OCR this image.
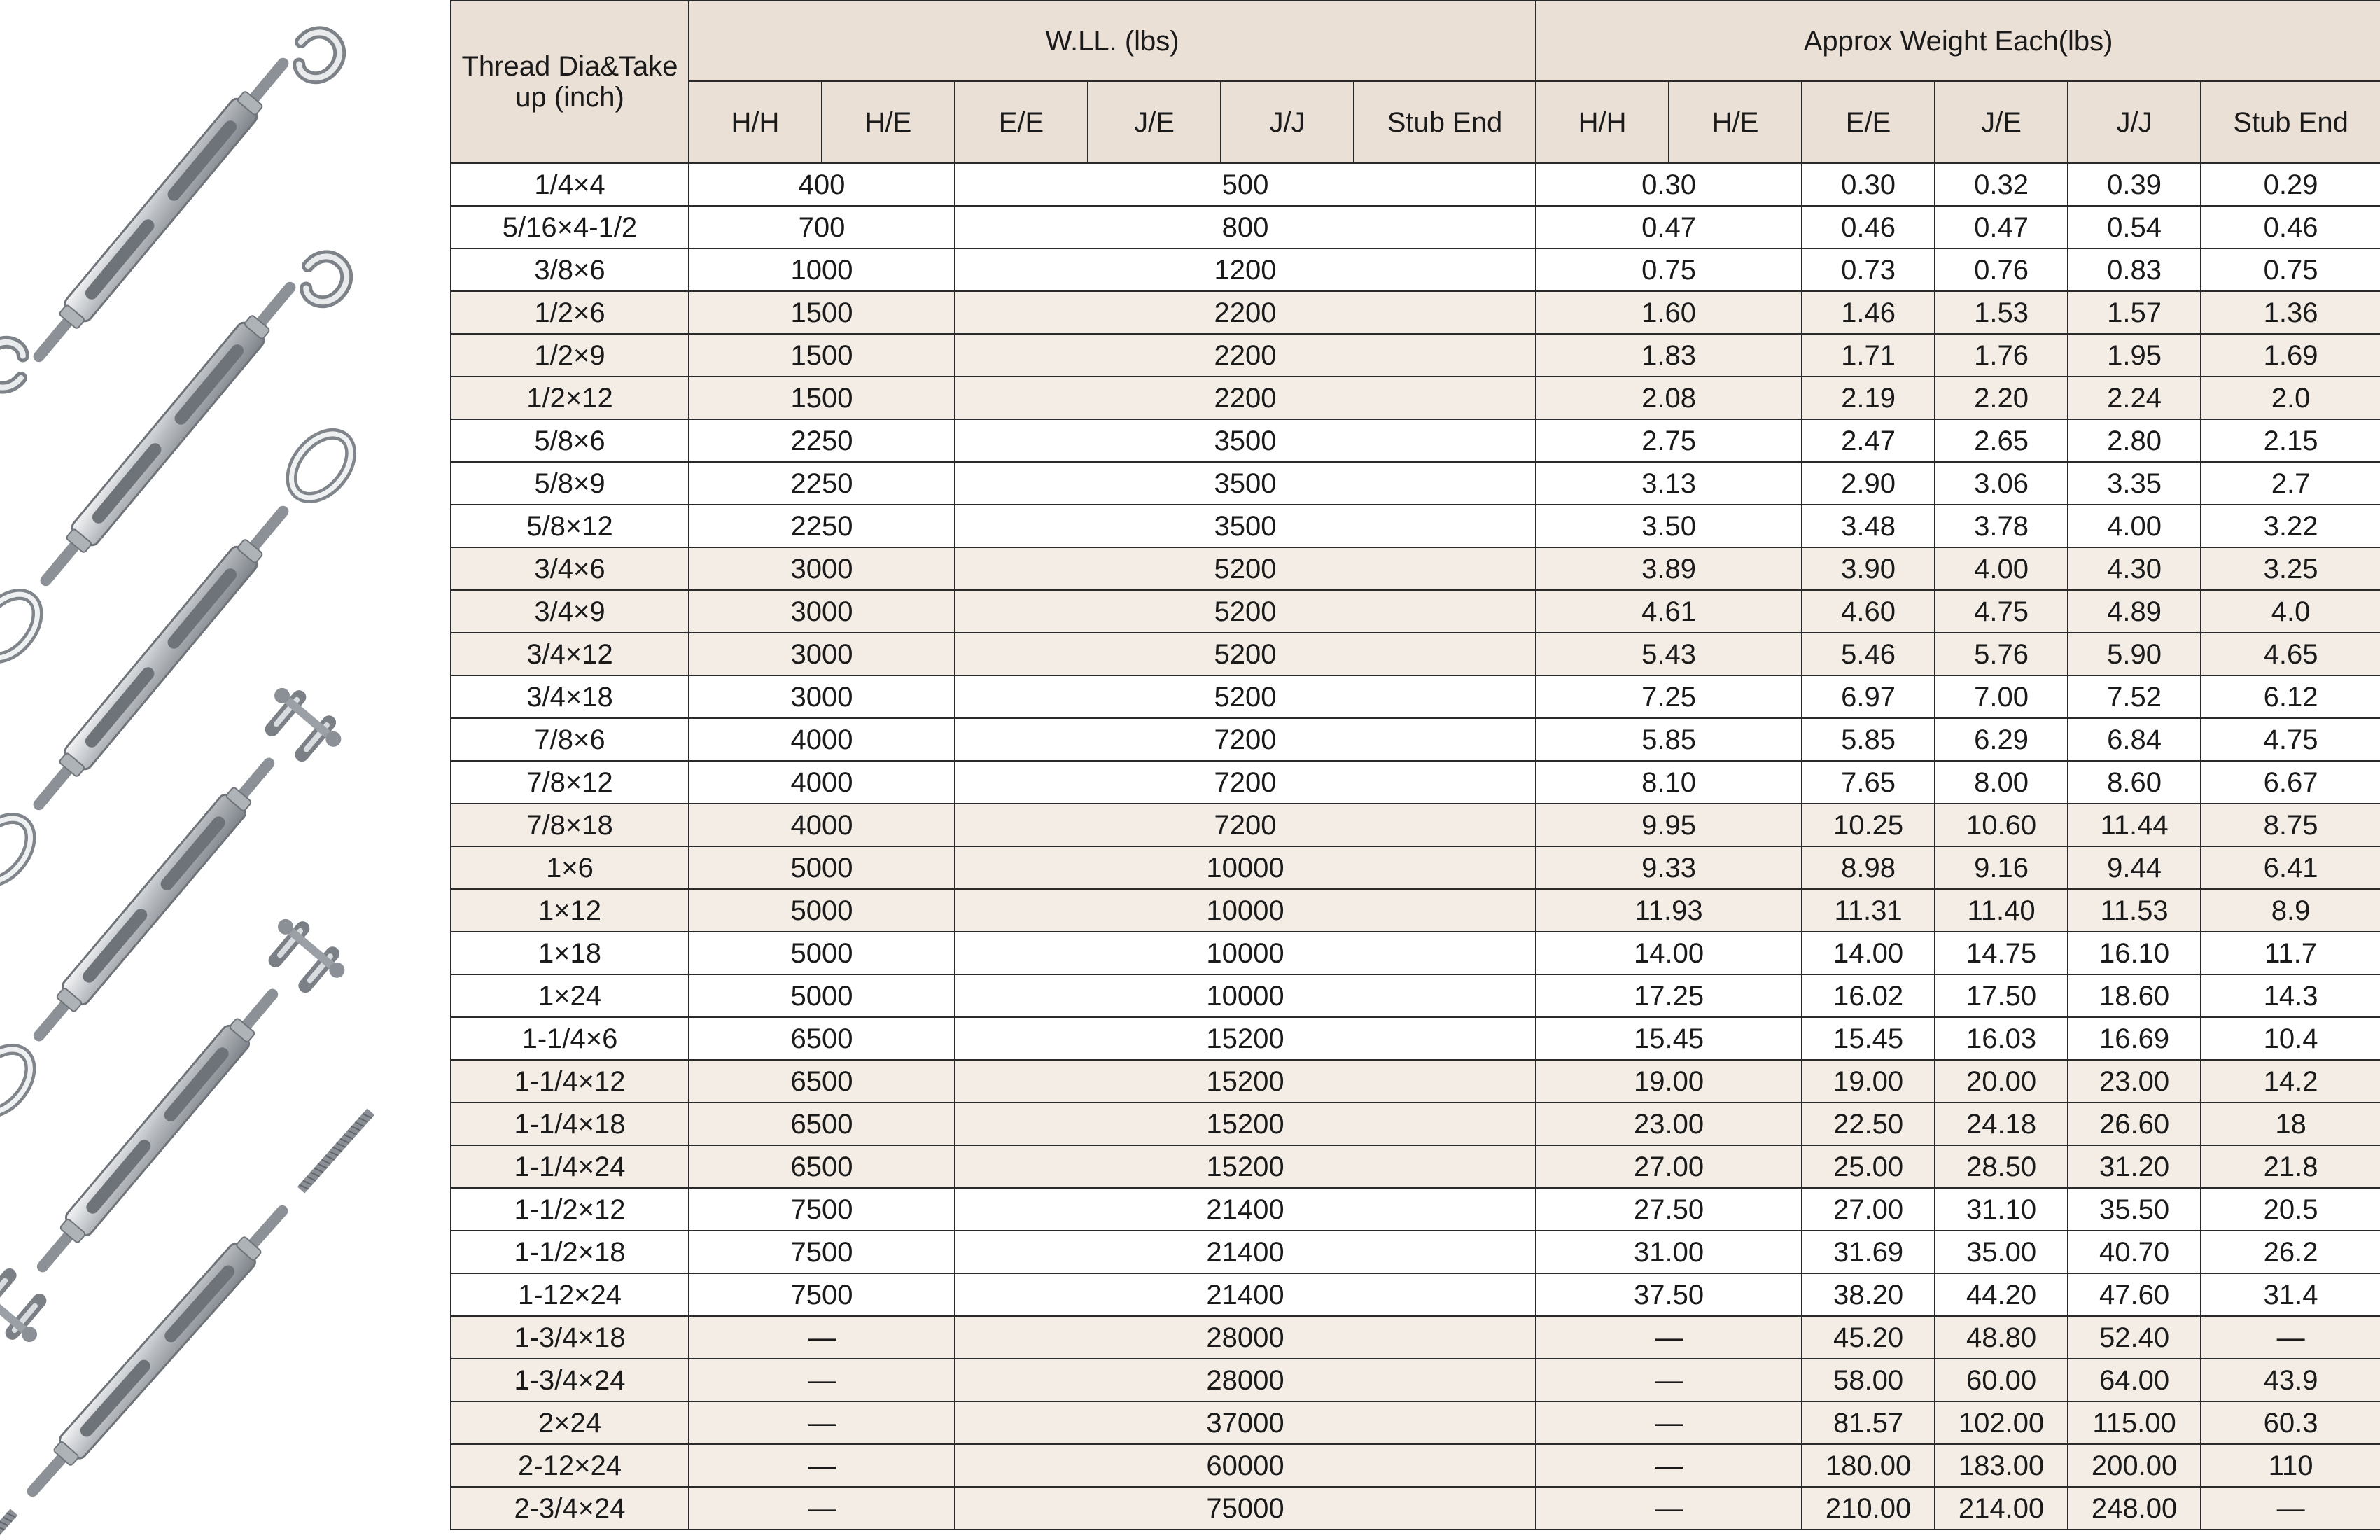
Thread Dia&Take up (inch)	W.LL. (lbs)						Approx Weight Each(lbs)					
	H/H	H/E	E/E	J/E	J/J	Stub End	H/H	H/E	E/E	J/E	J/J	Stub End
1/4×4	400		500				0.30		0.30	0.32	0.39	0.29
5/16×4-1/2	700		800				0.47		0.46	0.47	0.54	0.46
3/8×6	1000		1200				0.75		0.73	0.76	0.83	0.75
1/2×6	1500		2200				1.60		1.46	1.53	1.57	1.36
1/2×9	1500		2200				1.83		1.71	1.76	1.95	1.69
1/2×12	1500		2200				2.08		2.19	2.20	2.24	2.0
5/8×6	2250		3500				2.75		2.47	2.65	2.80	2.15
5/8×9	2250		3500				3.13		2.90	3.06	3.35	2.7
5/8×12	2250		3500				3.50		3.48	3.78	4.00	3.22
3/4×6	3000		5200				3.89		3.90	4.00	4.30	3.25
3/4×9	3000		5200				4.61		4.60	4.75	4.89	4.0
3/4×12	3000		5200				5.43		5.46	5.76	5.90	4.65
3/4×18	3000		5200				7.25		6.97	7.00	7.52	6.12
7/8×6	4000		7200				5.85		5.85	6.29	6.84	4.75
7/8×12	4000		7200				8.10		7.65	8.00	8.60	6.67
7/8×18	4000		7200				9.95		10.25	10.60	11.44	8.75
1×6	5000		10000				9.33		8.98	9.16	9.44	6.41
1×12	5000		10000				11.93		11.31	11.40	11.53	8.9
1×18	5000		10000				14.00		14.00	14.75	16.10	11.7
1×24	5000		10000				17.25		16.02	17.50	18.60	14.3
1-1/4×6	6500		15200				15.45		15.45	16.03	16.69	10.4
1-1/4×12	6500		15200				19.00		19.00	20.00	23.00	14.2
1-1/4×18	6500		15200				23.00		22.50	24.18	26.60	18
1-1/4×24	6500		15200				27.00		25.00	28.50	31.20	21.8
1-1/2×12	7500		21400				27.50		27.00	31.10	35.50	20.5
1-1/2×18	7500		21400				31.00		31.69	35.00	40.70	26.2
1-12×24	7500		21400				37.50		38.20	44.20	47.60	31.4
1-3/4×18	—		28000				—		45.20	48.80	52.40	—
1-3/4×24	—		28000				—		58.00	60.00	64.00	43.9
2×24	—		37000				—		81.57	102.00	115.00	60.3
2-12×24	—		60000				—		180.00	183.00	200.00	110
2-3/4×24	—		75000				—		210.00	214.00	248.00	—
